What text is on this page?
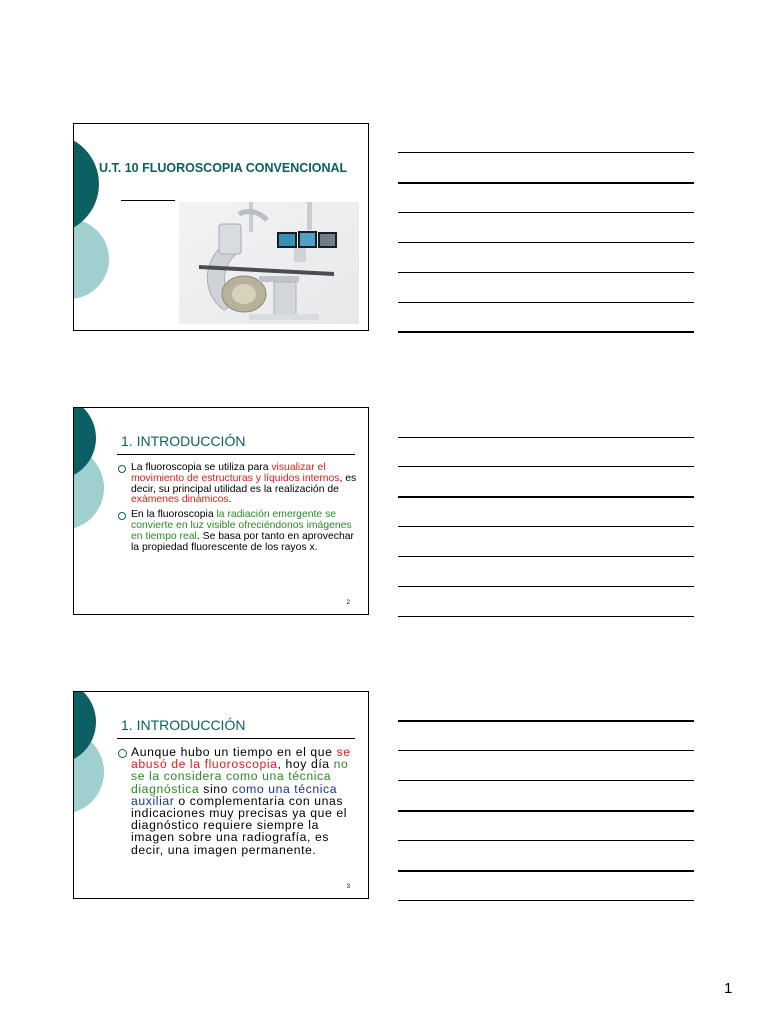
U.T. 10 FLUOROSCOPIA CONVENCIONAL
1. INTRODUCCIÓN
La fluoroscopia se utiliza para visualizar el movimiento de estructuras y líquidos internos, es decir, su principal utilidad es la realización de exámenes dinámicos.
En la fluoroscopia la radiación emergente se convierte en luz visible ofreciéndonos imágenes en tiempo real. Se basa por tanto en aprovechar la propiedad fluorescente de los rayos x.
2
1. INTRODUCCIÓN
Aunque hubo un tiempo en el que se abusó de la fluoroscopia, hoy día no se la considera como una técnica diagnóstica sino como una técnica auxiliar o complementaria con unas indicaciones muy precisas ya que el diagnóstico requiere siempre la imagen sobre una radiografía, es decir, una imagen permanente.
3
1
